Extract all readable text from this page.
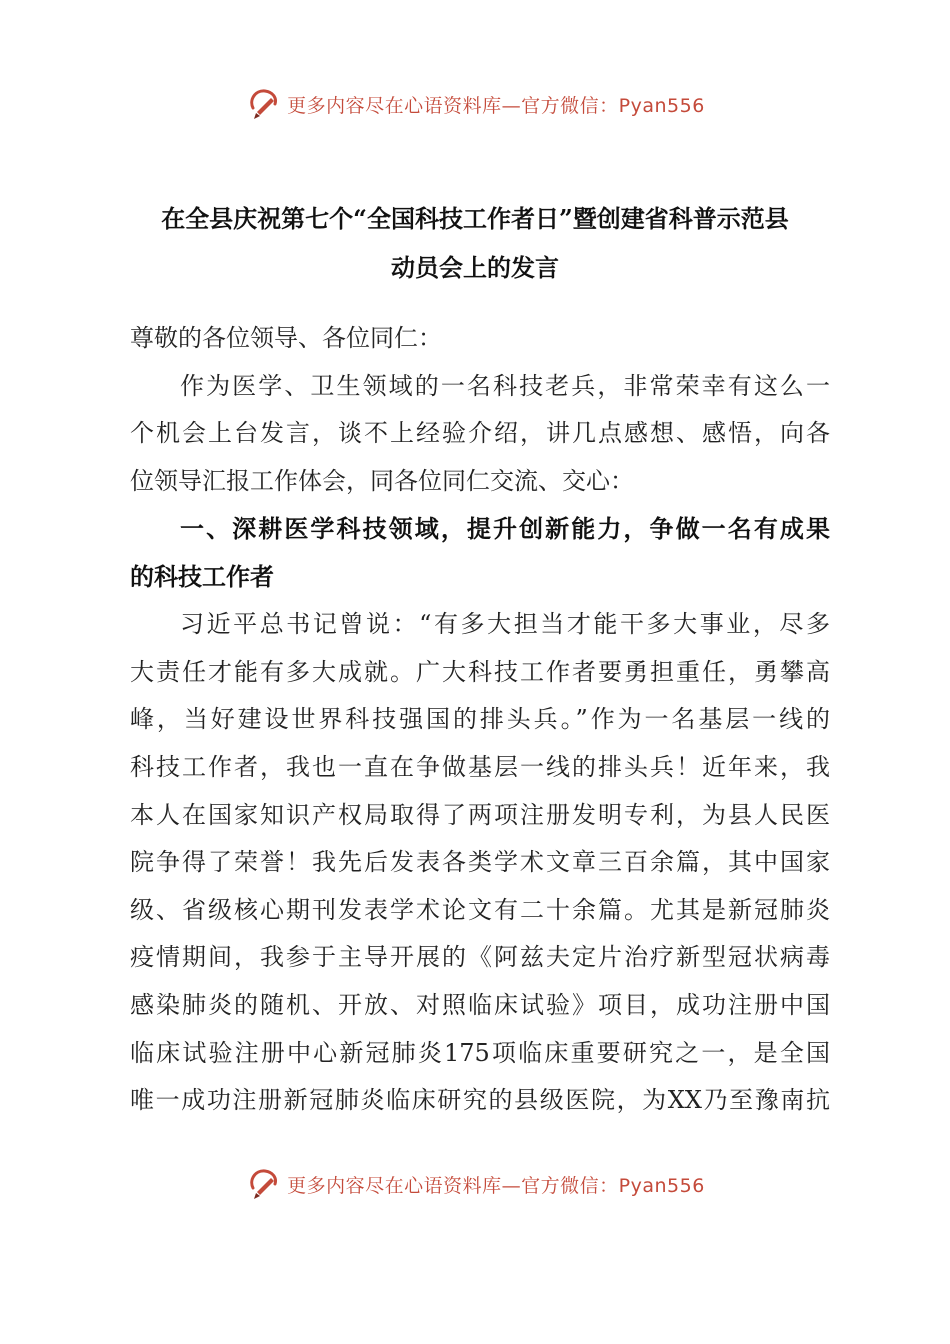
更多内容尽在心语资料库—官方微信：Pyan556
在全县庆祝第七个“全国科技工作者日”暨创建省科普示范县
动员会上的发言
尊敬的各位领导、各位同仁：
作为医学、卫生领域的一名科技老兵，非常荣幸有这么一
个机会上台发言，谈不上经验介绍，讲几点感想、感悟，向各
位领导汇报工作体会，同各位同仁交流、交心：
一、深耕医学科技领域，提升创新能力，争做一名有成果
的科技工作者
习近平总书记曾说：“有多大担当才能干多大事业，尽多
大责任才能有多大成就。广大科技工作者要勇担重任，勇攀高
峰，当好建设世界科技强国的排头兵。”作为一名基层一线的
科技工作者，我也一直在争做基层一线的排头兵！近年来，我
本人在国家知识产权局取得了两项注册发明专利，为县人民医
院争得了荣誉！我先后发表各类学术文章三百余篇，其中国家
级、省级核心期刊发表学术论文有二十余篇。尤其是新冠肺炎
疫情期间，我参于主导开展的《阿兹夫定片治疗新型冠状病毒
感染肺炎的随机、开放、对照临床试验》项目，成功注册中国
临床试验注册中心新冠肺炎175项临床重要研究之一，是全国
唯一成功注册新冠肺炎临床研究的县级医院，为XX乃至豫南抗
更多内容尽在心语资料库—官方微信：Pyan556
